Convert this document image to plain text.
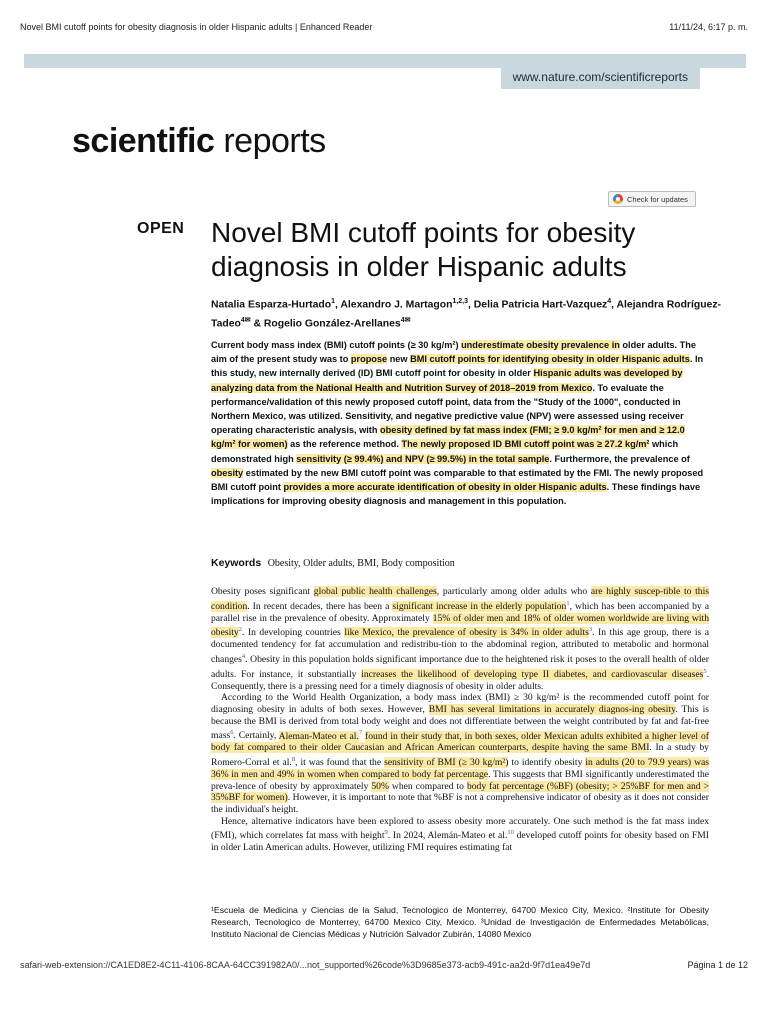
Novel BMI cutoff points for obesity diagnosis in older Hispanic adults | Enhanced Reader	11/11/24, 6:17 p. m.
www.nature.com/scientificreports
scientific reports
Check for updates
OPEN Novel BMI cutoff points for obesity
diagnosis in older Hispanic adults
Natalia Esparza-Hurtado$^1$, Alexandro J. Martagon$^{1,2,3}$, Delia Patricia Hart-Vazquez$^4$, Alejandra Rodríguez-Tadeo$^{4✉}$ & Rogelio González-Arellanes$^{4✉}$

Current body mass index (BMI) cutoff points (≥ 30 kg/m²) underestimate obesity prevalence in older adults. The aim of the present study was to propose new BMI cutoff points for identifying obesity in older Hispanic adults. In this study, new internally derived (ID) BMI cutoff point for obesity in older Hispanic adults was developed by analyzing data from the National Health and Nutrition Survey of 2018–2019 from Mexico. To evaluate the performance/validation of this newly proposed cutoff point, data from the "Study of the 1000", conducted in Northern Mexico, was utilized. Sensitivity, and negative predictive value (NPV) were assessed using receiver operating characteristic analysis, with obesity defined by fat mass index (FMI; ≥ 9.0 kg/m² for men and ≥ 12.0 kg/m² for women) as the reference method. The newly proposed ID BMI cutoff point was ≥ 27.2 kg/m² which demonstrated high sensitivity (≥ 99.4%) and NPV (≥ 99.5%) in the total sample. Furthermore, the prevalence of obesity estimated by the new BMI cutoff point was comparable to that estimated by the FMI. The newly proposed BMI cutoff point provides a more accurate identification of obesity in older Hispanic adults. These findings have implications for improving obesity diagnosis and management in this population.

Keywords Obesity, Older adults, BMI, Body composition

Obesity poses significant global public health challenges, particularly among older adults who are highly suscep-tible to this condition. In recent decades, there has been a significant increase in the elderly population$^1$, which has been accompanied by a parallel rise in the prevalence of obesity. Approximately 15% of older men and 18% of older women worldwide are living with obesity$^2$. In developing countries like Mexico, the prevalence of obesity is 34% in older adults$^3$. In this age group, there is a documented tendency for fat accumulation and redistribu-tion to the abdominal region, attributed to metabolic and hormonal changes$^4$. Obesity in this population holds significant importance due to the heightened risk it poses to the overall health of older adults. For instance, it substantially increases the likelihood of developing type II diabetes, and cardiovascular diseases$^5$. Consequently, there is a pressing need for a timely diagnosis of obesity in older adults.

According to the World Health Organization, a body mass index (BMI) ≥ 30 kg/m² is the recommended cutoff point for diagnosing obesity in adults of both sexes. However, BMI has several limitations in accurately diagnos-ing obesity. This is because the BMI is derived from total body weight and does not differentiate between the weight contributed by fat and fat-free mass$^6$. Certainly, Aleman-Mateo et al.$^7$ found in their study that, in both sexes, older Mexican adults exhibited a higher level of body fat compared to their older Caucasian and African American counterparts, despite having the same BMI. In a study by Romero-Corral et al.$^8$, it was found that the sensitivity of BMI (≥ 30 kg/m²) to identify obesity in adults (20 to 79.9 years) was 36% in men and 49% in women when compared to body fat percentage. This suggests that BMI significantly underestimated the preva-lence of obesity by approximately 50% when compared to body fat percentage (%BF) (obesity; > 25%BF for men and > 35%BF for women). However, it is important to note that %BF is not a comprehensive indicator of obesity as it does not consider the individual's height.

Hence, alternative indicators have been explored to assess obesity more accurately. One such method is the fat mass index (FMI), which correlates fat mass with height$^9$. In 2024, Alemán-Mateo et al.$^{10}$ developed cutoff points for obesity based on FMI in older Latin American adults. However, utilizing FMI requires estimating fat

¹Escuela de Medicina y Ciencias de la Salud, Tecnologico de Monterrey, 64700 Mexico City, Mexico. ²Institute for Obesity Research, Tecnologico de Monterrey, 64700 Mexico City, Mexico. ³Unidad de Investigación de Enfermedades Metabólicas, Instituto Nacional de Ciencias Médicas y Nutrición Salvador Zubirán, 14080 Mexico
safari-web-extension://CA1ED8E2-4C11-4106-8CAA-64CC391982A0/...not_supported%26code%3D9685e373-acb9-491c-aa2d-9f7d1ea49e7d	Página 1 de 12
